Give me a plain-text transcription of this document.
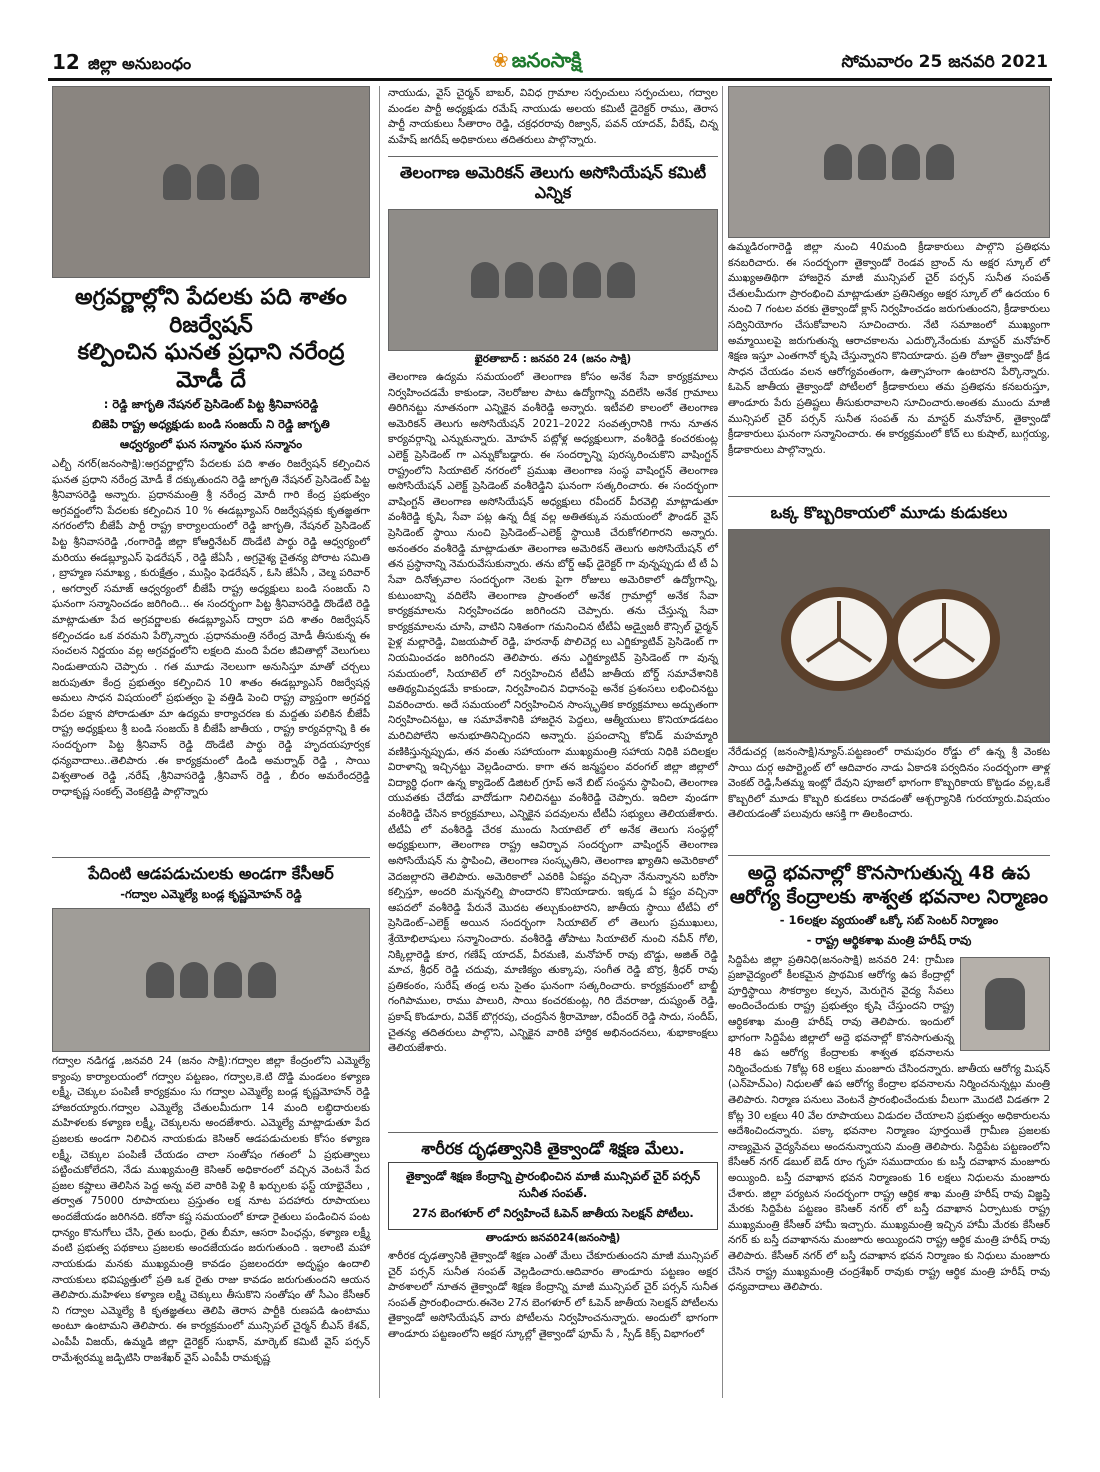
12 జిల్లా అనుబంధం	❀ జనంసాక్షి	సోమవారం 25 జనవరి 2021
అగ్రవర్ణాల్లోని పేదలకు పది శాతం రిజర్వేషన్
కల్పించిన ఘనత ప్రధాని నరేంద్ర మోడీ దే
: రెడ్డి జాగృతి నేషనల్ ప్రెసిడెంట్ పిట్ట శ్రీనివాసరెడ్డి
బిజెపి రాష్ట్ర అధ్యక్షుడు బండి సంజయ్ ని రెడ్డి జాగృతి
ఆధ్వర్యంలో ఘన సన్మానం ఘన సన్మానం

ఎల్బీ నగర్(జనంసాక్షి):అగ్రవర్ణాల్లోని పేదలకు పది శాతం రిజర్వేషన్ కల్పించిన ఘనత ప్రధాని నరేంద్ర మోడీ కే దక్కుతుందని రెడ్డి జాగృతి నేషనల్ ప్రెసిడెంట్ పిట్ట శ్రీనివాసరెడ్డి అన్నారు. ప్రధానమంత్రి శ్రీ నరేంద్ర మోదీ గారి కేంద్ర ప్రభుత్వం అగ్రవర్ణంలోని పేదలకు కల్పించిన 10 % ఈడబ్ల్యూఎస్ రిజర్వేషన్లకు కృతజ్ఞతగా నగరంలోని బీజేపీ పార్టీ రాష్ట్ర కార్యాలయంలో రెడ్డి జాగృతి, నేషనల్ ప్రెసిడెంట్ పిట్ట శ్రీనివాసరెడ్డి ,రంగారెడ్డి జిల్లా కోఆర్డినేటర్ దొండేటి పార్థు రెడ్డి ఆధ్వర్యంలో మరియు ఈడబ్ల్యూఎస్ ఫెడరేషన్ , రెడ్డి జేఏసీ , అగ్రవైశ్య చైతన్య పోరాట సమితి , బ్రాహ్మణ సమాఖ్య , కురుక్షేత్రం , ముస్లిం ఫెడరేషన్ , ఓసి జేఏసీ , వెల్మ పరివార్ , అగర్వాల్ సమాజ్ ఆధ్వర్యంలో బీజేపీ రాష్ట్ర అధ్యక్షులు బండి సంజయ్ ని ఘనంగా సన్మానించడం జరిగింది... ఈ సందర్భంగా పిట్ట శ్రీనివాసరెడ్డి దొండేటి రెడ్డి మాట్లాడుతూ పేద అగ్రవర్ణాలకు ఈడబ్ల్యూఎస్ ద్వారా పది శాతం రిజర్వేషన్ కల్పించడం ఒక వరమని పేర్కొన్నారు .ప్రధానమంత్రి నరేంద్ర మోడీ తీసుకున్న ఈ సంచలన నిర్ణయం వల్ల అగ్రవర్ణంలోని లక్షలది మంది పేదల జీవితాల్లో వెలుగులు నిండుతాయని చెప్పారు . గత మూడు నెలలుగా అనుసిస్తూ మాతో చర్చలు జరుపుతూ కేంద్ర ప్రభుత్వం కల్పించిన 10 శాతం ఈడబ్ల్యూఎస్ రిజర్వేషన్ల అమలు సాధన విషయంలో ప్రభుత్వం పై వత్తిడి పెంచి రాష్ట్ర వ్యాప్తంగా అగ్రవర్ణ పేదల పక్షాన పోరాడుతూ మా ఉద్యమ కార్యాచరణ కు మద్దతు పలికిన బీజేపీ రాష్ట్ర అధ్యక్షులు శ్రీ బండి సంజయ్ కి బీజేపీ జాతీయ , రాష్ట్ర కార్యవర్గాన్ని కి ఈ సందర్భంగా పిట్ట శ్రీనివాస్ రెడ్డి దొండేటి పార్థు రెడ్డి హృదయపూర్వక ధన్యవాదాలు..తెలిపారు .ఈ కార్యక్రమంలో డిండి అమర్నాథ్ రెడ్డి , సాయి విశ్వతాంత రెడ్డి ,నరేష్ ,శ్రీనివాసరెడ్డి ,శ్రీనివాస్ రెడ్డి , బీరం అమరేందర్రెడ్డి రాధాకృష్ణ సంకల్ప్ వెంకట్రెడ్డి పాల్గొన్నారు

పేదింటి ఆడపడుచులకు అండగా కేసీఆర్
-గద్వాల ఎమ్మెల్యే బండ్ల కృష్ణమోహన్ రెడ్డి

గద్వాల నడిగడ్డ ,జనవరి 24 (జనం సాక్షి):గద్వాల జిల్లా కేంద్రంలోని ఎమ్మెల్యే క్యాంపు కార్యాలయంలో గద్వాల పట్టణం, గద్వాల,కె.టి దొడ్డి మండలం కళ్యాణ లక్ష్మీ, చెక్కుల పంపిణీ కార్యక్రమం సు గద్వాల ఎమ్మెల్యే బండ్ల కృష్ణమోహన్ రెడ్డి హాజరయ్యారు.గద్వాల ఎమ్మెల్యే చేతులమీదుగా 14 మంది లబ్ధిదారులకు మహిళలకు కళ్యాణ లక్ష్మీ, చెక్కులను అందజేశారు. ఎమ్మెల్యే మాట్లాడుతూ పేద ప్రజలకు అండగా నిలిచిన నాయకుడు కెసిఆర్ ఆడపడుచులకు కోసం కళ్యాణ లక్ష్మీ, చెక్కుల పంపిణీ చేయడం చాలా సంతోషం గతంలో ఏ ప్రభుత్వాలు పట్టించుకోలేదని, నేడు ముఖ్యమంత్రి కెసిఆర్ అధికారంలో వచ్చిన వెంటనే పేద ప్రజల కష్టాలు తెలిసిన పెద్ద అన్న వలె వారికి పెళ్లి కి ఖర్చులకు ఫస్ట్ యాభైవేలు , తర్వాత 75000 రూపాయలు ప్రస్తుతం లక్ష నూట పదహారు రూపాయలు అందజేయడం జరిగినది. కరోనా కష్ట సమయంలో కూడా రైతులు పండించిన పంట ధాన్యం కొనుగోలు చేసి, రైతు బంధు, రైతు బీమా, ఆసరా పింఛన్లు, కళ్యాణ లక్ష్మీ వంటి ప్రభుత్వ పథకాలు ప్రజలకు అందజేయడం జరుగుతుంది . ఇలాంటి మహా నాయకుడు మనకు ముఖ్యమంత్రి కావడం ప్రజలందరూ అదృష్టం ఉందాలి నాయకులు భవిష్యత్తులో ప్రతి ఒక రైతు రాజు కావడం జరుగుతుందని ఆయన తెలిపారు.మహిళలు కళ్యాణ లక్ష్మి చెక్కులు తీసుకొని సంతోషం తో సీఎం కేసీఆర్ ని గద్వాల ఎమ్మెల్యే కి కృతజ్ఞతలు తెలిపి తెరాస పార్టీకి రుణపడి ఉంటాము అంటూ ఉంటామని తెలిపారు. ఈ కార్యక్రమంలో మున్సిపల్ చైర్మన్ బీఎస్ కేశవ్, ఎంపీపీ విజయ్, ఉమ్మడి జిల్లా డైరెక్టర్ సుభాన్, మార్కెట్ కమిటీ వైస్ పర్సన్ రామేశ్వరమ్మ జడ్పిటిసి రాజశేఖర్ వైస్ ఎంపీపీ రామకృష్ణ

నాయుడు, వైస్ చైర్మన్ బాబర్, వివిధ గ్రామాల సర్పంచులు సర్పంచులు, గద్వాల మండల పార్టీ అధ్యక్షుడు రమేష్ నాయుడు అలయ కమిటీ డైరెక్టర్ రాము, తెరాస పార్టీ నాయకులు సీతారాం రెడ్డి, చక్రధరరావు రిజ్వాన్, పవన్ యాదవ్, వీరేష్, చిన్న మహేష్ జగదీష్ అధికారులు తదితరులు పాల్గొన్నారు.

తెలంగాణ అమెరికన్ తెలుగు అసోసియేషన్ కమిటీ ఎన్నిక
ఖైరతాబాద్ : జనవరి 24 (జనం సాక్షి)

తెలంగాణ ఉద్యమ సమయంలో తెలంగాణ కోసం అనేక సేవా కార్యక్రమాలు నిర్వహించడమే కాకుండా, నెలరోజుల పాటు ఉద్యోగాన్ని వదిలేసి అనేక గ్రామాలు తిరిగినట్టు నూతనంగా ఎన్నికైన వంశీరెడ్డి అన్నారు. ఇటీవలి కాలంలో తెలంగాణ అమెరికన్ తెలుగు అసోసియేషన్ 2021–2022 సంవత్సరానికి గాను నూతన కార్యవర్గాన్ని ఎన్నుకున్నారు. మోహన్ పట్లోళ్ల అధ్యక్షులుగా, వంశీరెడ్డి కంచరకుంట్ల ఎలెక్ట్ ప్రెసిడెంట్ గా ఎన్నుకోబడ్డారు. ఈ సందర్భాన్ని పురస్కరించుకొని వాషింగ్టన్ రాష్ట్రంలోని సియాటెల్ నగరంలో ప్రముఖ తెలంగాణ సంస్థ వాషింగ్టన్ తెలంగాణ అసోసియేషన్ ఎలెక్ట్ ప్రెసిడెంట్ వంశీరెడ్డిని ఘనంగా సత్కరించారు. ఈ సందర్భంగా వాషింగ్టన్ తెలంగాణ అసోసియేషన్ అధ్యక్షులు రవీందర్ వీరవెల్లి మాట్లాడుతూ వంశీరెడ్డి కృషి, సేవా పట్ల ఉన్న దీక్ష వల్ల అతితక్కువ సమయంలో ఫౌండర్ వైస్ ప్రెసిడెంట్ స్థాయి నుంచి ప్రెసిడెంట్–ఎలెక్ట్ స్థాయికి చేరుకోగలిగారని అన్నారు. అనంతరం వంశీరెడ్డి మాట్లాడుతూ తెలంగాణ అమెరికన్ తెలుగు అసోసియేషన్ లో తన ప్రస్థానాన్ని నెమరువేసుకున్నారు. తను బోర్డ్ ఆఫ్ డైరెక్టర్ గా వున్నప్పుడు టీ టీ ఏ సేవా దినోత్సవాల సందర్భంగా నెలకు పైగా రోజులు అమెరికాలో ఉద్యోగాన్ని, కుటుంబాన్ని వదిలేసి తెలంగాణ ప్రాంతంలో అనేక గ్రామాల్లో అనేక సేవా కార్యక్రమాలను నిర్వహించడం జరిగిందని చెప్పారు. తను చేస్తున్న సేవా కార్యక్రమాలను చూసి, వాటిని నిశితంగా గమనించిన టీటీఏ అడ్వైజరీ కౌన్సిల్ ఛైర్మన్ పైళ్ల మల్లారెడ్డి, విజయపాల్ రెడ్డి, హరనాథ్ పొలిచెర్ల లు ఎగ్జిక్యూటివ్ ప్రెసిడెంట్ గా నియమించడం జరిగిందని తెలిపారు. తను ఎగ్జిక్యూటివ్ ప్రెసిడెంట్ గా వున్న సమయంలో, సియాటెల్ లో నిర్వహించిన టీటీఏ జాతీయ బోర్డ్ సమావేశానికి ఆతిథ్యమివ్వడమే కాకుండా, నిర్వహించిన విధానంపై అనేక ప్రశంసలు లభించినట్టు వివరించారు. అదే సమయంలో నిర్వహించిన సాంస్కృతిక కార్యక్రమాలు అద్భుతంగా నిర్వహించినట్టు, ఆ సమావేశానికి హాజరైన పెద్దలు, ఆత్మీయులు కొనియాడడటం మరిచిపోలేని అనుభూతినిచ్చిందని అన్నారు. ప్రపంచాన్ని కోవిడ్ మహమ్మారి వణికిస్తున్నప్పుడు, తన వంతు సహాయంగా ముఖ్యమంత్రి సహాయ నిధికి పదిలక్షల విరాళాన్ని ఇచ్చినట్టు వెల్లడించారు. కాగా తన జన్మస్థలం వరంగల్ జిల్లా జిల్లాలో విద్యార్థి ధంగా ఉన్న క్యాడెంట్ డిజిటల్ గ్రూప్ అనే బిట్ సంస్థను స్థాపించి, తెలంగాణ యువతకు చేదోడు వాదోడుగా నిలిచినట్టు వంశీరెడ్డి చెప్పారు. ఇదిలా వుండగా వంశీరెడ్డి చేసిన కార్యక్రమాలు, ఎన్నికైన పదవులను టీటీఏ సభ్యులు తెలియజేశారు. టీటీఏ లో వంశీరెడ్డి చేరక ముందు సియాటెల్ లో అనేక తెలుగు సంస్థల్లో అధ్యక్షులుగా, తెలంగాణ రాష్ట్ర ఆవిర్భావ సందర్భంగా వాషింగ్టన్ తెలంగాణ అసోసియేషన్ ను స్థాపించి, తెలంగాణ సంస్కృతిని, తెలంగాణ ఖ్యాతిని అమెరికాలో వెదజల్లారని తెలిపారు. అమెరికాలో ఎవరికి ఏకష్టం వచ్చినా నేనున్నానని బరోసా కల్పిస్తూ, అందరి మన్ననల్ని పొందారని కొనియాడారు. ఇక్కడ ఏ కష్టం వచ్చినా ఆపదలో వంశీరెడ్డి పేరునే మొదట తల్చుకుంటారని, జాతీయ స్థాయి టీటీఏ లో ప్రెసిడెంట్–ఎలెక్ట్ అయిన సందర్భంగా సియాటెల్ లో తెలుగు ప్రముఖులు, శ్రేయోభిలాషులు సన్మానించారు. వంశీరెడ్డి తోపాటు సియాటెల్ నుంచి నవీన్ గోలి, నిక్కిల్లారెడ్డి కూర, గణేష్ యాదవ్, వీరమణి, మనోహర్ రావు బొడ్డు, అజిత్ రెడ్డి మాచ, శ్రీధర్ రెడ్డి చదువు, మాణిక్యం తుక్కాపు, సంగీత రెడ్డి బొర్ర, శ్రీధర్ రావు ప్రతికంఠం, సురేష్ తండ్ర లను సైతం ఘనంగా సత్కరించారు. కార్యక్రమంలో బాబ్జీ గంగిపాముల, రాము పాలురి, సాయి కంచరకుంట్ల, గిరి దేవరాజు, దుష్యంత్ రెడ్డి, ప్రకాష్ కొండూరు, వివేక్ బొగ్గరపు, చంద్రసేన శ్రీరామోజు, రవీందర్ రెడ్డి సాదు, సందీప్, చైతన్య తదితరులు పాల్గొని, ఎన్నికైన వారికి హార్దిక అభినందనలు, శుభాకాంక్షలు తెలియజేశారు.

శారీరక దృఢత్వానికి తైక్వాండో శిక్షణ మేలు.
తైక్వాండో శిక్షణ కేంద్రాన్ని ప్రారంభించిన మాజీ మున్సిపల్ చైర్ పర్సన్ సునీత సంపత్.
27న బెంగళూర్ లో నిర్వహించే ఓపెన్ జాతీయ సెలక్షన్ పోటీలు.
తాండూరు జనవరి24(జనంసాక్షి)

శారీరక దృఢత్వానికి తైక్వాండో శిక్షణ ఎంతో మేలు చేకూరుతుందని మాజీ మున్సిపల్ చైర్ పర్సన్ సునీత సంపత్ వెల్లడించారు.ఆదివారం తాండూరు పట్టణం అక్షర పాఠశాలలో నూతన తైక్వాండో శిక్షణ కేంద్రాన్ని మాజీ మున్సిపల్ చైర్ పర్సన్ సునీత సంపత్ ప్రారంభించారు.ఈనెల 27న బెంగళూర్ లో ఓపెన్ జాతీయ సెలక్షన్ పోటీలను తైక్వాండో అసోసియేషన్ వారు పోటీలను నిర్వహించనున్నారు. అందులో భాగంగా తాండూరు పట్టణంలోని అక్షర స్కూల్లో తైక్వాండో ఫూమ్ సే , స్పీడ్ కిక్స్ విభాగంలో

ఉమ్మడిరంగారెడ్డి జిల్లా నుంచి 40మంది క్రీడాకారులు పాల్గొని ప్రతిభను కనబరిచారు. ఈ సందర్భంగా తైక్వాండో రెండవ బ్రాంచ్ ను అక్షర స్కూల్ లో ముఖ్యఅతిథిగా హాజరైన మాజీ మున్సిపల్ చైర్ పర్సన్ సునీత సంపత్ చేతులమీదుగా ప్రారంభించి మాట్లాడుతూ ప్రతినిత్యం అక్షర స్కూల్ లో ఉదయం 6 నుంచి 7 గంటల వరకు తైక్వాండో క్లాస్ నిర్వహించడం జరుగుతుందని, క్రీడాకారులు సద్వినియోగం చేసుకోవాలని సూచించారు. నేటి సమాజంలో ముఖ్యంగా అమ్మాయిలపై జరుగుతున్న ఆరాచకాలను ఎదుర్కొనేందుకు మాస్టర్ మనోహర్ శిక్షణ ఇస్తూ ఎంతగానో కృషి చేస్తున్నారని కొనియాడారు. ప్రతి రోజూ తైక్వాండో క్రీడ సాధన చేయడం వలన ఆరోగ్యవంతంగా, ఉత్సాహంగా ఉంటారని పేర్కొన్నారు. ఓపెన్ జాతీయ తైక్వాండో పోటీలలో క్రీడాకారులు తమ ప్రతిభను కనబరుస్తూ, తాండూరు పేరు ప్రతిష్టలు తీసుకురావాలని సూచించారు.అంతకు ముందు మాజీ మున్సిపల్ చైర్ పర్సన్ సునీత సంపత్ ను మాస్టర్ మనోహర్, తైక్వాండో క్రీడాకారులు ఘనంగా సన్మానించారు. ఈ కార్యక్రమంలో కోచ్ లు కుషాల్, బుగ్గయ్య, క్రీడాకారులు పాల్గొన్నారు.

ఒక్క కొబ్బరికాయలో మూడు కుడుకలు

నేరేడుచర్ల (జనంసాక్షి)న్యూస్.పట్టణంలో రామపురం రోడ్డు లో ఉన్న శ్రీ వెంకట సాయి దుర్గ అపార్ట్మెంట్ లో ఆదివారం నాడు ఏకాదశి పర్వదినం సందర్భంగా తాళ్ల వెంకట్ రెడ్డి,సీతమ్మ ఇంట్లో దేవుని పూజలో భాగంగా కొబ్బరికాయ కొట్టడం వల్ల,ఒకే కొబ్బరిలో మూడు కొబ్బరి కుడకలు రావడంతో ఆశ్చర్యానికి గురయ్యారు.విషయం తెలియడంతో పలువురు ఆసక్తి గా తిలకించారు.

అద్దె భవనాల్లో కొనసాగుతున్న 48 ఉప
ఆరోగ్య కేంద్రాలకు శాశ్వత భవనాల నిర్మాణం
- 16లక్షల వ్యయంతో ఒక్కో సబ్ సెంటర్ నిర్మాణం
- రాష్ట్ర ఆర్థికశాఖ మంత్రి హరీష్ రావు

సిద్దిపేట జిల్లా ప్రతినిధి(జనంసాక్షి) జనవరి 24: గ్రామీణ ప్రజావైద్యంలో కీలకమైన ప్రాథమిక ఆరోగ్య ఉప కేంద్రాల్లో పూర్తిస్థాయి సౌకర్యాల కల్పన, మెరుగైన వైద్య సేవలు అందించేందుకు రాష్ట్ర ప్రభుత్వం కృషి చేస్తుందని రాష్ట్ర ఆర్థికశాఖ మంత్రి హరీష్ రావు తెలిపారు. ఇందులో భాగంగా సిద్దిపేట జిల్లాలో అద్దె భవనాల్లో కొనసాగుతున్న 48 ఉప ఆరోగ్య కేంద్రాలకు శాశ్వత భవనాలను నిర్మించేందుకు 7కోట్ల 68 లక్షలు మంజూరు చేసిందన్నారు. జాతీయ ఆరోగ్య మిషన్ (ఎన్‌హెచ్ఎం) నిధులతో ఉప ఆరోగ్య కేంద్రాల భవనాలను నిర్మించనున్నట్లు మంత్రి తెలిపారు. నిర్మాణ పనులు వెంటనే ప్రారంభించేందుకు వీలుగా మొదటి విడతగా 2 కోట్ల 30 లక్షలు 40 వేల రూపాయలు విడుదల చేయాలని ప్రభుత్వం అధికారులను ఆదేశించిందన్నారు. పక్కా భవనాల నిర్మాణం పూర్తయితే గ్రామీణ ప్రజలకు నాణ్యమైన వైద్యసేవలు అందనున్నాయని మంత్రి తెలిపారు. సిద్దిపేట పట్టణంలోని కేసీఆర్ నగర్ డబుల్ బెడ్ రూం గృహ సముదాయం కు బస్తీ దవాఖాన మంజూరు అయ్యింది. బస్తీ దవాఖాన భవన నిర్మాణంకు 16 లక్షలు నిధులను మంజూరు చేశారు. జిల్లా పర్యటన సందర్భంగా రాష్ట్ర ఆర్థిక శాఖ మంత్రి హరీష్ రావు విజ్ఞప్తి మేరకు సిద్దిపేట పట్టణం కెసిఆర్ నగర్ లో బస్తీ దవాఖాన ఏర్పాటుకు రాష్ట్ర ముఖ్యమంత్రి కేసీఆర్ హామీ ఇచ్చారు. ముఖ్యమంత్రి ఇచ్చిన హామీ మేరకు కేసీఆర్ నగర్ కు బస్తీ దవాఖానను మంజూరు అయ్యిందని రాష్ట్ర ఆర్థిక మంత్రి హరీష్ రావు తెలిపారు. కేసీఆర్ నగర్ లో బస్తీ దవాఖాన భవన నిర్మాణం కు నిధులు మంజూరు చేసిన రాష్ట్ర ముఖ్యమంత్రి చంద్రశేఖర్ రావుకు రాష్ట్ర ఆర్థిక మంత్రి హరీష్ రావు ధన్యవాదాలు తెలిపారు.
